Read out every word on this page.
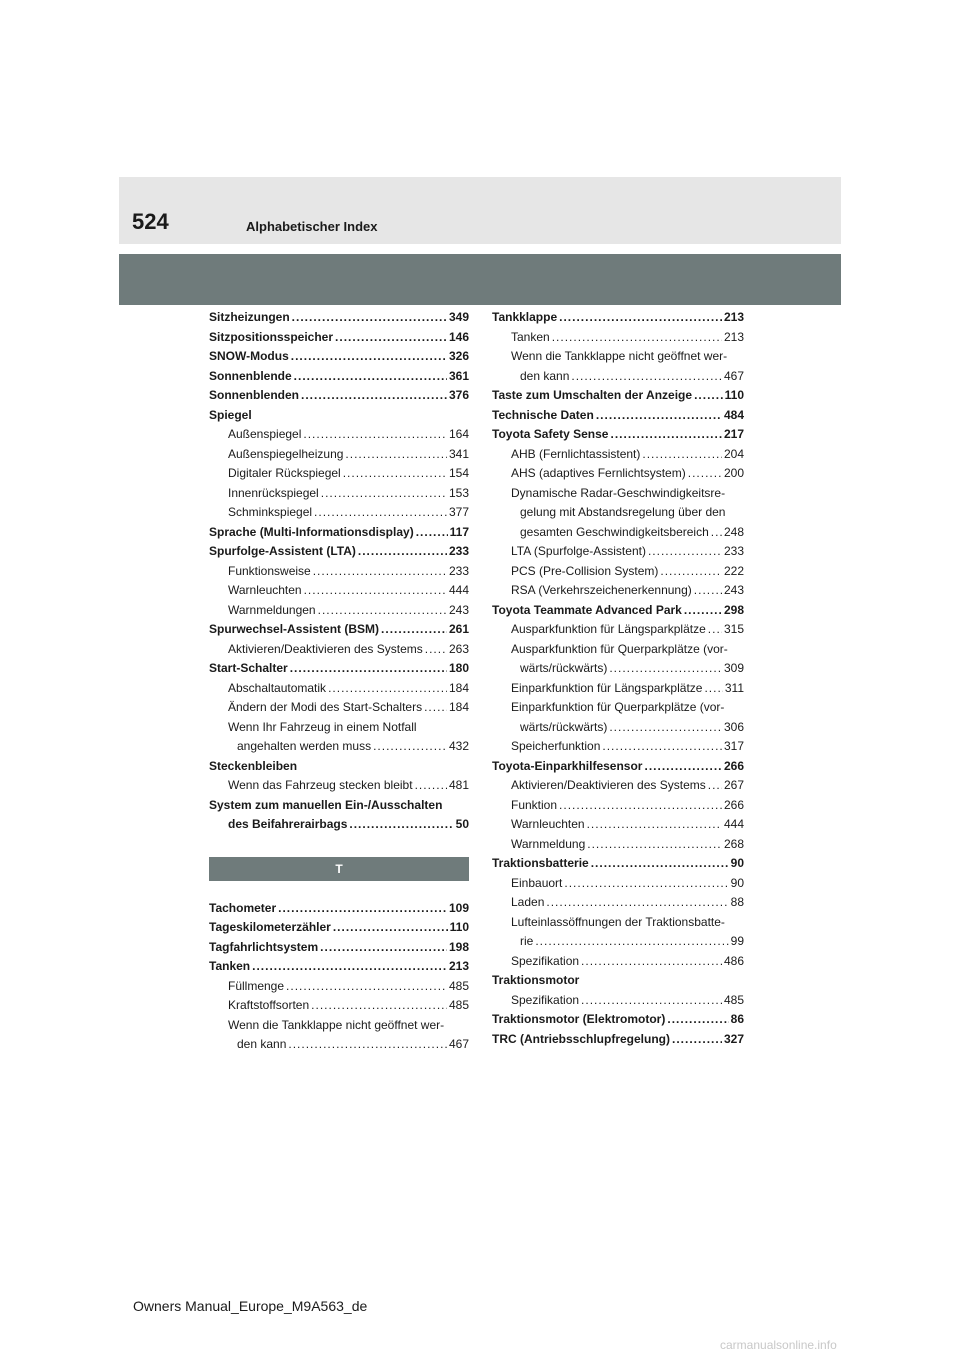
524	Alphabetischer Index
Sitzheizungen .....	349
Sitzpositionsspeicher .....	146
SNOW-Modus .....	326
Sonnenblende .....	361
Sonnenblenden .....	376
Spiegel
Außenspiegel .....	164
Außenspiegelheizung .....	341
Digitaler Rückspiegel .....	154
Innenrückspiegel .....	153
Schminkspiegel .....	377
Sprache (Multi-Informationsdisplay) .....	117
Spurfolge-Assistent (LTA) .....	233
Funktionsweise .....	233
Warnleuchten .....	444
Warnmeldungen .....	243
Spurwechsel-Assistent (BSM) .....	261
Aktivieren/Deaktivieren des Systems ..... 263
Start-Schalter .....	180
Abschaltautomatik .....	184
Ändern der Modi des Start-Schalters ..... 184
Wenn Ihr Fahrzeug in einem Notfall
angehalten werden muss .....	432
Steckenbleiben
Wenn das Fahrzeug stecken bleibt .....	481
System zum manuellen Ein-/Ausschalten
des Beifahrerairbags .....	50
T
Tachometer .....	109
Tageskilometerzähler .....	110
Tagfahrlichtsystem .....	198
Tanken .....	213
Füllmenge .....	485
Kraftstoffsorten .....	485
Wenn die Tankklappe nicht geöffnet wer-
den kann .....	467
Tankklappe .....	213
Tanken .....	213
Wenn die Tankklappe nicht geöffnet wer-
den kann .....	467
Taste zum Umschalten der Anzeige .....	110
Technische Daten .....	484
Toyota Safety Sense .....	217
AHB (Fernlichtassistent) .....	204
AHS (adaptives Fernlichtsystem) .....	200
Dynamische Radar-Geschwindigkeitsre-
gelung mit Abstandsregelung über den
gesamten Geschwindigkeitsbereich ..... 248
LTA (Spurfolge-Assistent) .....	233
PCS (Pre-Collision System) .....	222
RSA (Verkehrszeichenerkennung) .....	243
Toyota Teammate Advanced Park .....	298
Ausparkfunktion für Längsparkplätze ..... 315
Ausparkfunktion für Querparkplätze (vor-
wärts/rückwärts) .....	309
Einparkfunktion für Längsparkplätze ..... 311
Einparkfunktion für Querparkplätze (vor-
wärts/rückwärts) .....	306
Speicherfunktion .....	317
Toyota-Einparkhilfesensor .....	266
Aktivieren/Deaktivieren des Systems ..... 267
Funktion .....	266
Warnleuchten .....	444
Warnmeldung .....	268
Traktionsbatterie .....	90
Einbauort .....	90
Laden .....	88
Lufteinlassöffnungen der Traktionsbatte-
rie .....	99
Spezifikation .....	486
Traktionsmotor
Spezifikation .....	485
Traktionsmotor (Elektromotor) .....	86
TRC (Antriebsschlupfregelung) .....	327
Owners Manual_Europe_M9A563_de
carmanualsonline.info
